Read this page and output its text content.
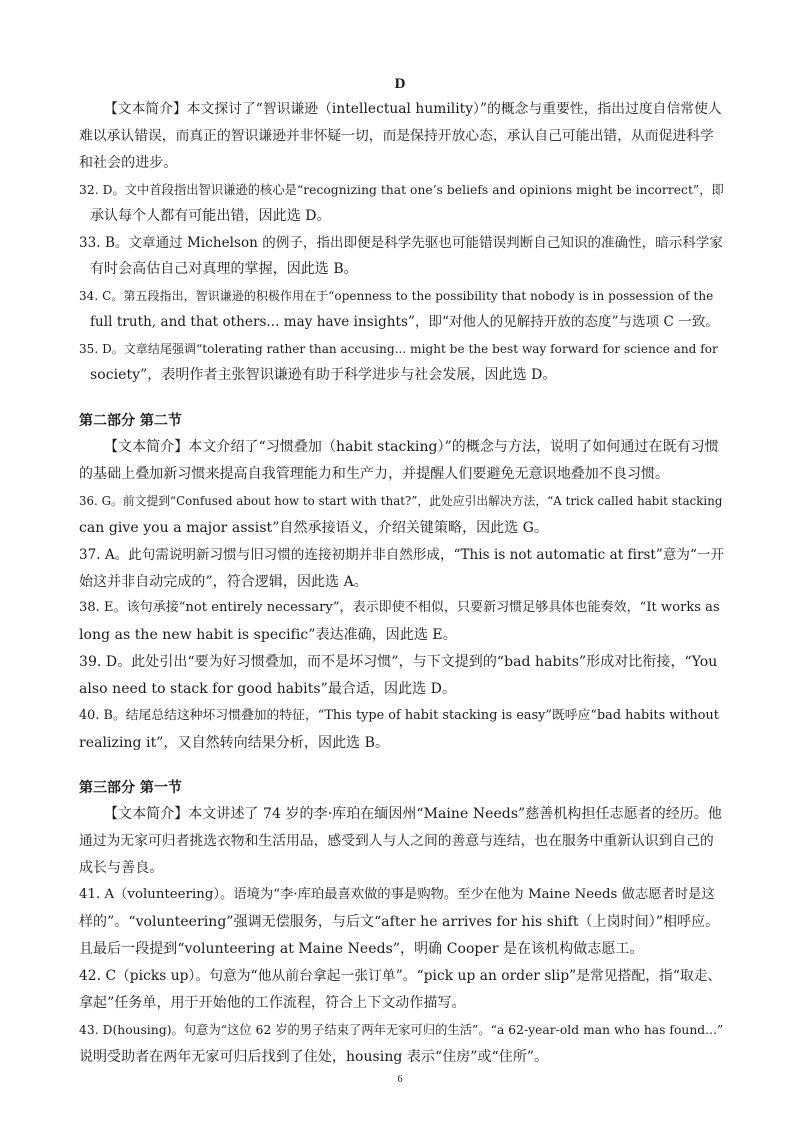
D
【文本简介】本文探讨了“智识谦逊（intellectual humility）”的概念与重要性，指出过度自信常使人
难以承认错误，而真正的智识谦逊并非怀疑一切，而是保持开放心态，承认自己可能出错，从而促进科学
和社会的进步。
32. D。文中首段指出智识谦逊的核心是“recognizing that one’s beliefs and opinions might be incorrect”，即
承认每个人都有可能出错，因此选 D。
33. B。文章通过 Michelson 的例子，指出即便是科学先驱也可能错误判断自己知识的准确性，暗示科学家
有时会高估自己对真理的掌握，因此选 B。
34. C。第五段指出，智识谦逊的积极作用在于“openness to the possibility that nobody is in possession of the
full truth, and that others... may have insights”，即“对他人的见解持开放的态度”与选项 C 一致。
35. D。文章结尾强调“tolerating rather than accusing... might be the best way forward for science and for
society”，表明作者主张智识谦逊有助于科学进步与社会发展，因此选 D。
第二部分 第二节
【文本简介】本文介绍了“习惯叠加（habit stacking）”的概念与方法，说明了如何通过在既有习惯
的基础上叠加新习惯来提高自我管理能力和生产力，并提醒人们要避免无意识地叠加不良习惯。
36. G。前文提到“Confused about how to start with that?”，此处应引出解决方法，“A trick called habit stacking
can give you a major assist”自然承接语义，介绍关键策略，因此选 G。
37. A。此句需说明新习惯与旧习惯的连接初期并非自然形成，“This is not automatic at first”意为“一开
始这并非自动完成的”，符合逻辑，因此选 A。
38. E。该句承接“not entirely necessary”，表示即使不相似，只要新习惯足够具体也能奏效，“It works as
long as the new habit is specific”表达准确，因此选 E。
39. D。此处引出“要为好习惯叠加，而不是坏习惯”，与下文提到的“bad habits”形成对比衔接，“You
also need to stack for good habits”最合适，因此选 D。
40. B。结尾总结这种坏习惯叠加的特征，“This type of habit stacking is easy”既呼应“bad habits without
realizing it”，又自然转向结果分析，因此选 B。
第三部分 第一节
【文本简介】本文讲述了 74 岁的李·库珀在缅因州“Maine Needs”慈善机构担任志愿者的经历。他
通过为无家可归者挑选衣物和生活用品，感受到人与人之间的善意与连结，也在服务中重新认识到自己的
成长与善良。
41. A（volunteering）。语境为“李·库珀最喜欢做的事是购物。至少在他为 Maine Needs 做志愿者时是这
样的”。“volunteering”强调无偿服务，与后文“after he arrives for his shift（上岗时间）”相呼应。
且最后一段提到“volunteering at Maine Needs”，明确 Cooper 是在该机构做志愿工。
42. C（picks up）。句意为“他从前台拿起一张订单”。“pick up an order slip”是常见搭配，指“取走、
拿起”任务单，用于开始他的工作流程，符合上下文动作描写。
43. D(housing)。句意为“这位 62 岁的男子结束了两年无家可归的生活”。“a 62-year-old man who has found...”
说明受助者在两年无家可归后找到了住处，housing 表示“住房”或“住所”。
6
